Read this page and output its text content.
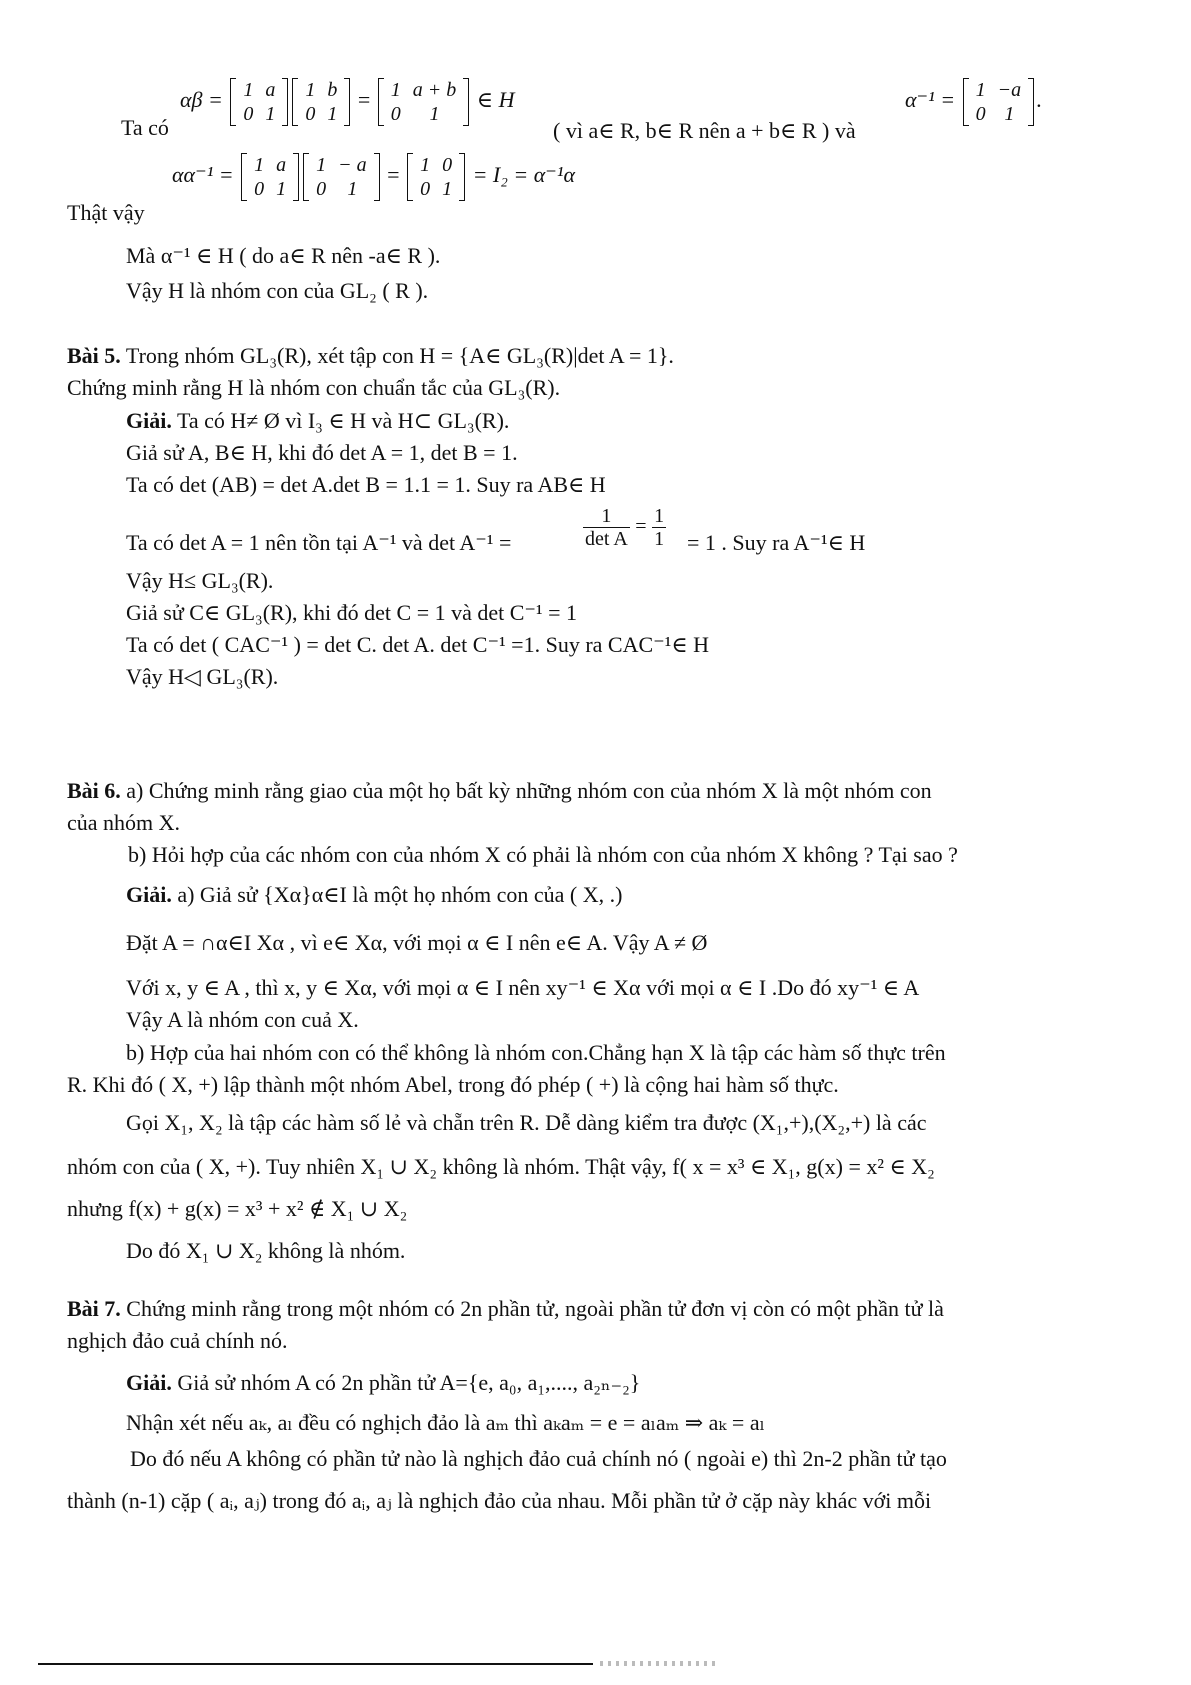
Ta có
αβ = 1	a
0	1
1	b
0	1
= 1	a + b
0	1
∈ H
( vì a∈ R, b∈ R nên a + b∈ R ) và
α⁻¹ = 1	−a
0	1
.
Thật vậy
αα⁻¹ = 1	a
0	1
1	− a
0	1
= 1	0
0	1
= I₂ = α⁻¹α
Mà α⁻¹ ∈ H ( do a∈ R nên -a∈ R ).
Vậy H là nhóm con của GL₂ ( R ).
Bài 5. Trong nhóm GL₃(R), xét tập con H = {A∈ GL₃(R)|det A = 1}.
Chứng minh rằng H là nhóm con chuẩn tắc của GL₃(R).
Giải. Ta có H≠ Ø vì I₃ ∈ H và H⊂ GL₃(R).
Giả sử A, B∈ H, khi đó det A = 1, det B = 1.
Ta có det (AB) = det A.det B = 1.1 = 1. Suy ra AB∈ H
Ta có det A = 1 nên tồn tại A⁻¹ và det A⁻¹ =	$\frac{1}{\text{det A}} = \frac{1}{1} = 1$ . Suy ra A⁻¹∈ H
Vậy H≤ GL₃(R).
Giả sử C∈ GL₃(R), khi đó det C = 1 và det C⁻¹ = 1
Ta có det ( CAC⁻¹ ) = det C. det A. det C⁻¹ =1. Suy ra CAC⁻¹∈ H
Vậy H◁ GL₃(R).
Bài 6. a) Chứng minh rằng giao của một họ bất kỳ những nhóm con của nhóm X là một nhóm con
của nhóm X.
b) Hỏi hợp của các nhóm con của nhóm X có phải là nhóm con của nhóm X không ? Tại sao ?
Giải. a) Giả sử {Xα}α∈I là một họ nhóm con của ( X, .)
Đặt A = ∩α∈I Xα , vì e∈ Xα, với mọi α ∈ I nên e∈ A. Vậy A ≠ Ø
Với x, y ∈ A , thì x, y ∈ Xα, với mọi α ∈ I nên xy⁻¹ ∈ Xα với mọi α ∈ I .Do đó xy⁻¹ ∈ A
Vậy A là nhóm con cuả X.
b) Hợp của hai nhóm con có thể không là nhóm con.Chẳng hạn X là tập các hàm số thực trên
R. Khi đó ( X, +) lập thành một nhóm Abel, trong đó phép ( +) là cộng hai hàm số thực.
Gọi X₁, X₂ là tập các hàm số lẻ và chẵn trên R. Dễ dàng kiểm tra được (X₁,+),(X₂,+) là các
nhóm con của ( X, +). Tuy nhiên X₁ ∪ X₂ không là nhóm. Thật vậy, f( x = x³ ∈ X₁, g(x) = x² ∈ X₂
nhưng f(x) + g(x) = x³ + x² ∉ X₁ ∪ X₂
Do đó X₁ ∪ X₂ không là nhóm.
Bài 7. Chứng minh rằng trong một nhóm có 2n phần tử, ngoài phần tử đơn vị còn có một phần tử là
nghịch đảo cuả chính nó.
Giải. Giả sử nhóm A có 2n phần tử A={e, a₀, a₁,...., a₂ₙ₋₂}
Nhận xét nếu aₖ, aₗ đều có nghịch đảo là aₘ thì aₖaₘ = e = aₗaₘ ⇒ aₖ = aₗ
Do đó nếu A không có phần tử nào là nghịch đảo cuả chính nó ( ngoài e) thì 2n-2 phần tử tạo
thành (n-1) cặp ( aᵢ, aⱼ) trong đó aᵢ, aⱼ là nghịch đảo của nhau. Mỗi phần tử ở cặp này khác với mỗi
